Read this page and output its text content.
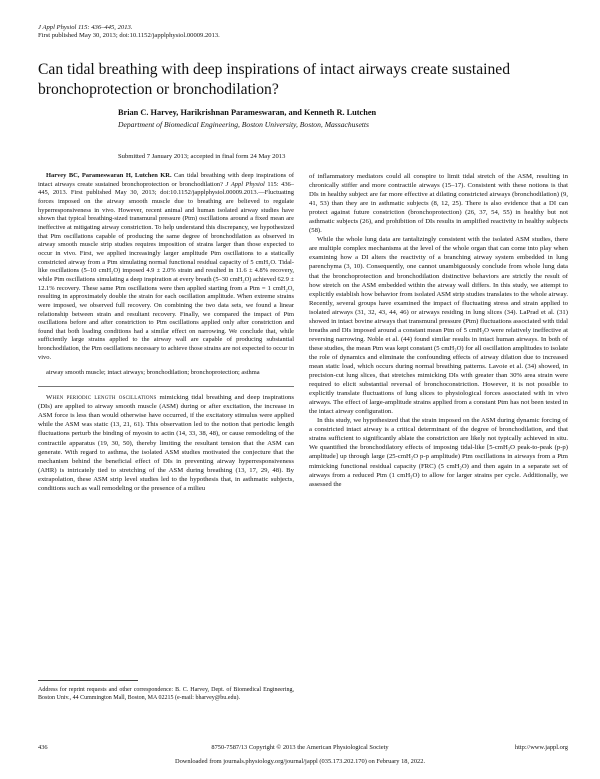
J Appl Physiol 115: 436–445, 2013.
First published May 30, 2013; doi:10.1152/japplphysiol.00009.2013.
Can tidal breathing with deep inspirations of intact airways create sustained bronchoprotection or bronchodilation?
Brian C. Harvey, Harikrishnan Parameswaran, and Kenneth R. Lutchen
Department of Biomedical Engineering, Boston University, Boston, Massachusetts
Submitted 7 January 2013; accepted in final form 24 May 2013

Harvey BC, Parameswaran H, Lutchen KR. Can tidal breathing with deep inspirations of intact airways create sustained bronchoprotection or bronchodilation? J Appl Physiol 115: 436–445, 2013. First published May 30, 2013; doi:10.1152/japplphysiol.00009.2013.—Fluctuating forces imposed on the airway smooth muscle due to breathing are believed to regulate hyperresponsiveness in vivo. However, recent animal and human isolated airway studies have shown that typical breathing-sized transmural pressure (Ptm) oscillations around a fixed mean are ineffective at mitigating airway constriction. To help understand this discrepancy, we hypothesized that Ptm oscillations capable of producing the same degree of bronchodilation as observed in airway smooth muscle strip studies requires imposition of strains larger than those expected to occur in vivo. First, we applied increasingly larger amplitude Ptm oscillations to a statically constricted airway from a Ptm simulating normal functional residual capacity of 5 cmH₂O. Tidal-like oscillations (5–10 cmH₂O) imposed 4.9 ± 2.0% strain and resulted in 11.6 ± 4.8% recovery, while Ptm oscillations simulating a deep inspiration at every breath (5–30 cmH₂O) achieved 62.9 ± 12.1% recovery. These same Ptm oscillations were then applied starting from a Ptm = 1 cmH₂O, resulting in approximately double the strain for each oscillation amplitude. When extreme strains were imposed, we observed full recovery. On combining the two data sets, we found a linear relationship between strain and resultant recovery. Finally, we compared the impact of Ptm oscillations before and after constriction to Ptm oscillations applied only after constriction and found that both loading conditions had a similar effect on narrowing. We conclude that, while sufficiently large strains applied to the airway wall are capable of producing substantial bronchodilation, the Ptm oscillations necessary to achieve those strains are not expected to occur in vivo.

airway smooth muscle; intact airways; bronchodilation; bronchoprotection; asthma

When periodic length oscillations mimicking tidal breathing and deep inspirations (DIs) are applied to airway smooth muscle (ASM) during or after excitation, the increase in ASM force is less than would otherwise have occurred, if the excitatory stimulus were applied while the ASM was static (13, 21, 61). This observation led to the notion that periodic length fluctuations perturb the binding of myosin to actin (14, 33, 38, 48), or cause remodeling of the contractile apparatus (19, 30, 50), thereby limiting the resultant tension that the ASM can generate. With regard to asthma, the isolated ASM studies motivated the conjecture that the mechanism behind the beneficial effect of DIs in preventing airway hyperresponsiveness (AHR) is intricately tied to stretching of the ASM during breathing (13, 17, 29, 48). By extrapolation, these ASM strip level studies led to the hypothesis that, in asthmatic subjects, conditions such as wall remodeling or the presence of a milieu

of inflammatory mediators could all conspire to limit tidal stretch of the ASM, resulting in chronically stiffer and more contractile airways (15–17). Consistent with these notions is that DIs in healthy subject are far more effective at dilating constricted airways (bronchodilation) (9, 41, 53) than they are in asthmatic subjects (8, 12, 25). There is also evidence that a DI can protect against future constriction (bronchoprotection) (26, 37, 54, 55) in healthy but not asthmatic subjects (26), and prohibition of DIs results in amplified reactivity in healthy subjects (58).

While the whole lung data are tantalizingly consistent with the isolated ASM studies, there are multiple complex mechanisms at the level of the whole organ that can come into play when examining how a DI alters the reactivity of a branching airway system embedded in lung parenchyma (3, 10). Consequently, one cannot unambiguously conclude from whole lung data that the bronchoprotection and bronchodilation distinctive behaviors are strictly the result of how stretch on the ASM embedded within the airway wall differs. In this study, we attempt to explicitly establish how behavior from isolated ASM strip studies translates to the whole airway. Recently, several groups have examined the impact of fluctuating stress and strain applied to isolated airways (31, 32, 43, 44, 46) or airways residing in lung slices (34). LaPrad et al. (31) showed in intact bovine airways that transmural pressure (Ptm) fluctuations associated with tidal breaths and DIs imposed around a constant mean Ptm of 5 cmH₂O were relatively ineffective at reversing narrowing. Noble et al. (44) found similar results in intact human airways. In both of these studies, the mean Ptm was kept constant (5 cmH₂O) for all oscillation amplitudes to isolate the role of dynamics and eliminate the confounding effects of airway dilation due to increased mean static load, which occurs during normal breathing patterns. Lavoie et al. (34) showed, in precision-cut lung slices, that stretches mimicking DIs with greater than 30% area strain were required to elicit substantial reversal of bronchoconstriction. However, it is not possible to explicitly translate fluctuations of lung slices to physiological forces associated with in vivo airways. The effect of large-amplitude strains applied from a constant Ptm has not been tested in the intact airway configuration.

In this study, we hypothesized that the strain imposed on the ASM during dynamic forcing of a constricted intact airway is a critical determinant of the degree of bronchodilation, and that strains sufficient to significantly ablate the constriction are likely not typically achieved in situ. We quantified the bronchodilatory effects of imposing tidal-like [5-cmH₂O peak-to-peak (p-p) amplitude] up through large (25-cmH₂O p-p amplitude) Ptm oscillations in airways from a Ptm mimicking functional residual capacity (FRC) (5 cmH₂O) and then again in a separate set of airways from a reduced Ptm (1 cmH₂O) to allow for larger strains per cycle. Additionally, we assessed the

Address for reprint requests and other correspondence: B. C. Harvey, Dept. of Biomedical Engineering, Boston Univ., 44 Cummington Mall, Boston, MA 02215 (e-mail: bharvey@bu.edu).
436	8750-7587/13 Copyright © 2013 the American Physiological Society	http://www.jappl.org
Downloaded from journals.physiology.org/journal/jappl (035.173.202.170) on February 18, 2022.
